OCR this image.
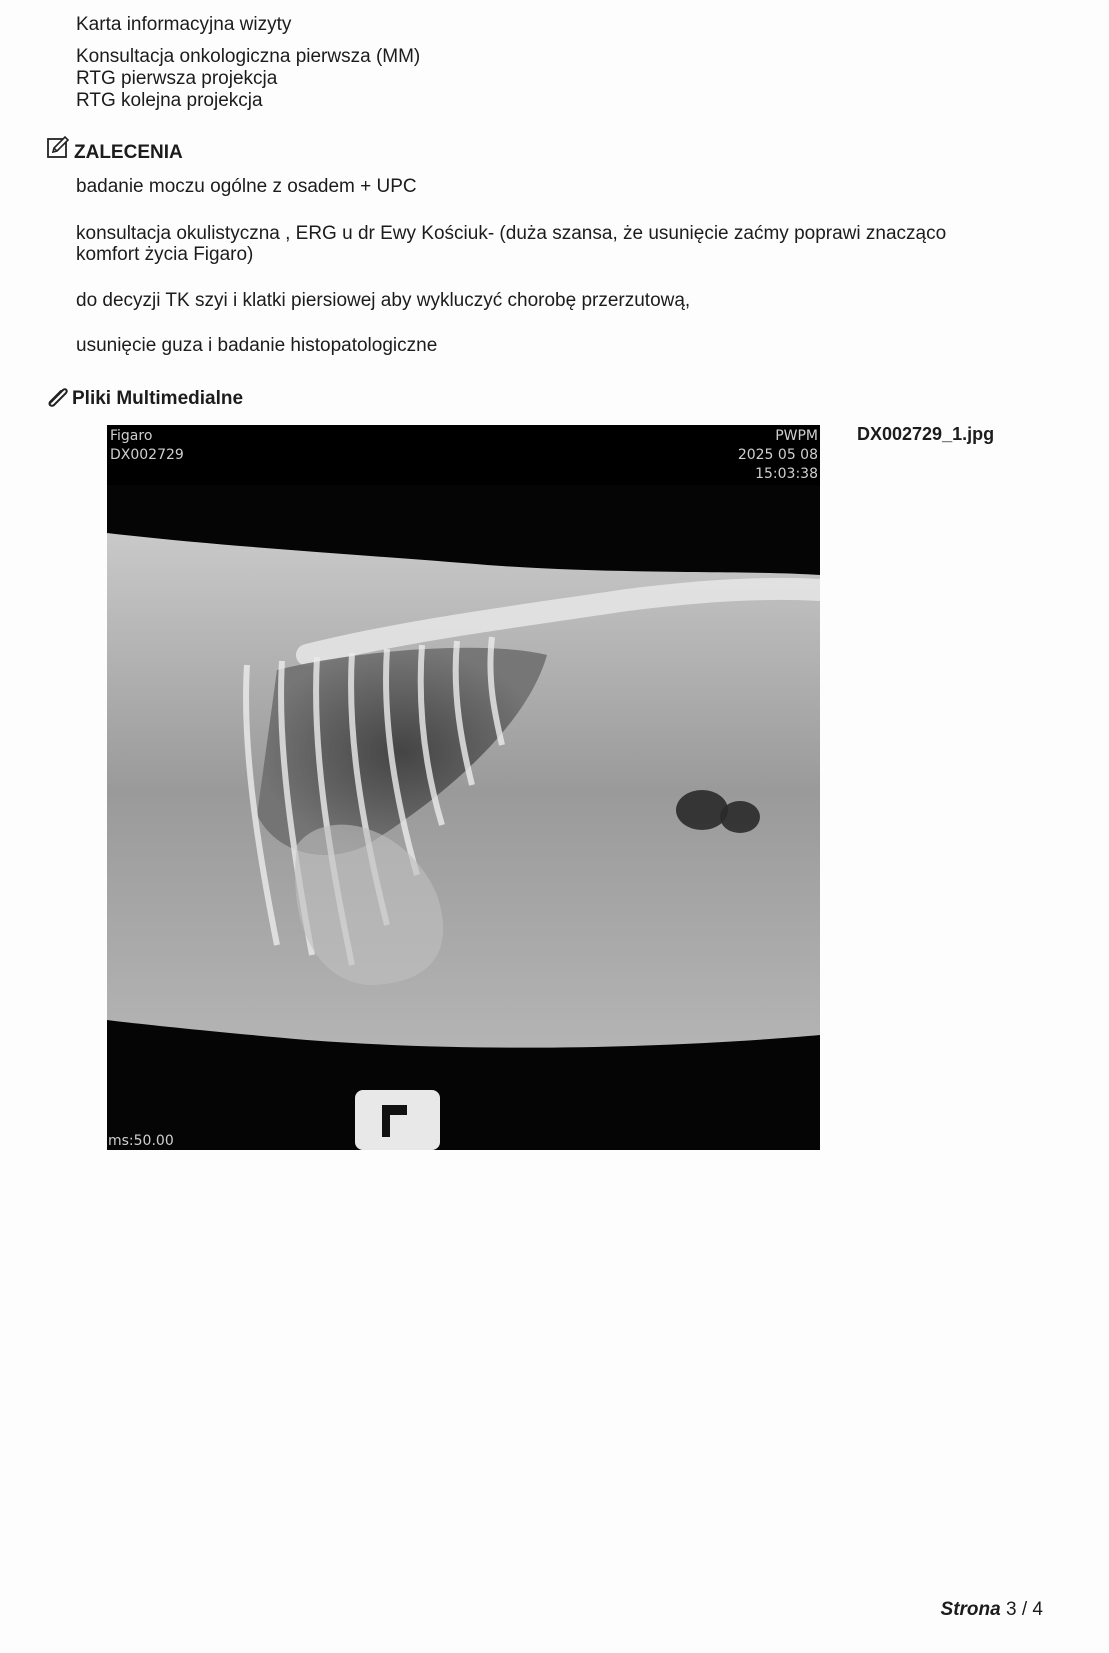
Karta informacyjna wizyty
Konsultacja onkologiczna pierwsza (MM)
RTG pierwsza projekcja
RTG kolejna projekcja
ZALECENIA
badanie moczu ogólne z osadem + UPC
konsultacja okulistyczna , ERG u dr Ewy Kościuk- (duża szansa, że usunięcie zaćmy poprawi znacząco
komfort życia Figaro)
do decyzji TK szyi i klatki piersiowej aby wykluczyć chorobę przerzutową,
usunięcie guza i badanie histopatologiczne
Pliki Multimedialne
Figaro
DX002729
PWPM
2025 05 08
15:03:38
ms:50.00
DX002729_1.jpg
Strona 3 / 4
